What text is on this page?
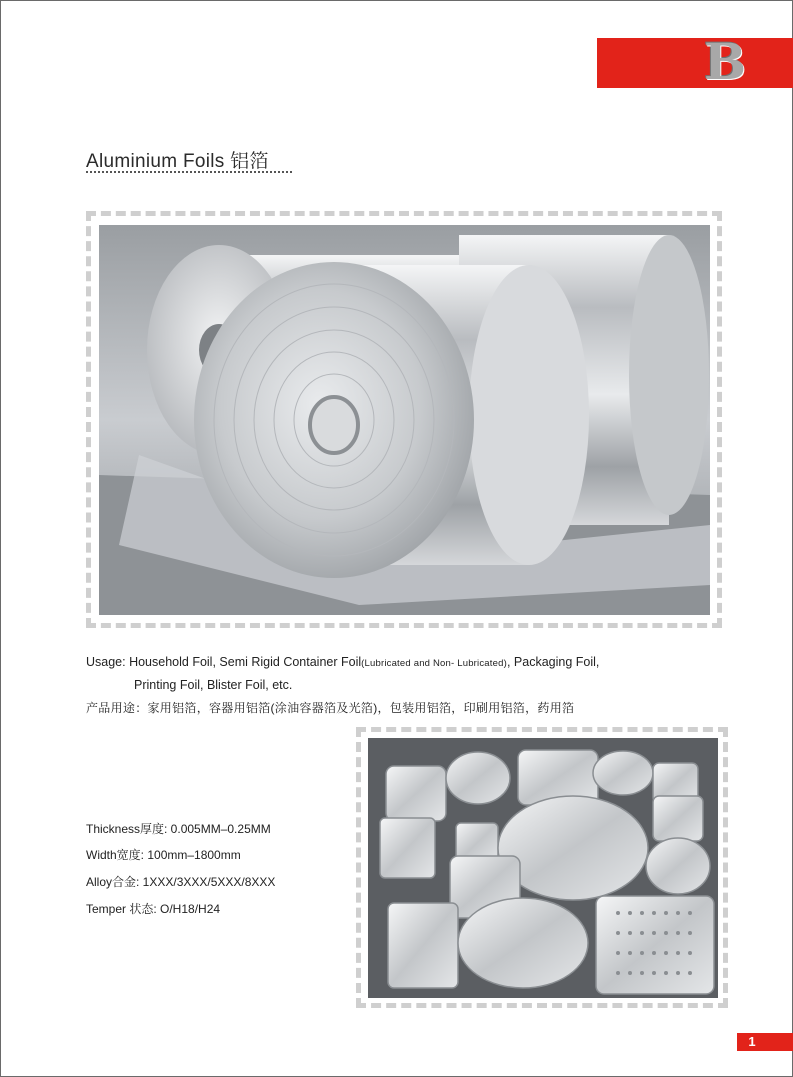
B
Aluminium Foils 铝箔
Usage: Household Foil, Semi Rigid Container Foil(Lubricated and Non- Lubricated), Packaging Foil,
Printing Foil, Blister Foil, etc.
产品用途：家用铝箔，容器用铝箔(涂油容器箔及光箔)，包装用铝箔，印刷用铝箔，药用箔
Thickness厚度: 0.005MM–0.25MM
Width宽度: 100mm–1800mm
Alloy合金: 1XXX/3XXX/5XXX/8XXX
Temper 状态: O/H18/H24
1
